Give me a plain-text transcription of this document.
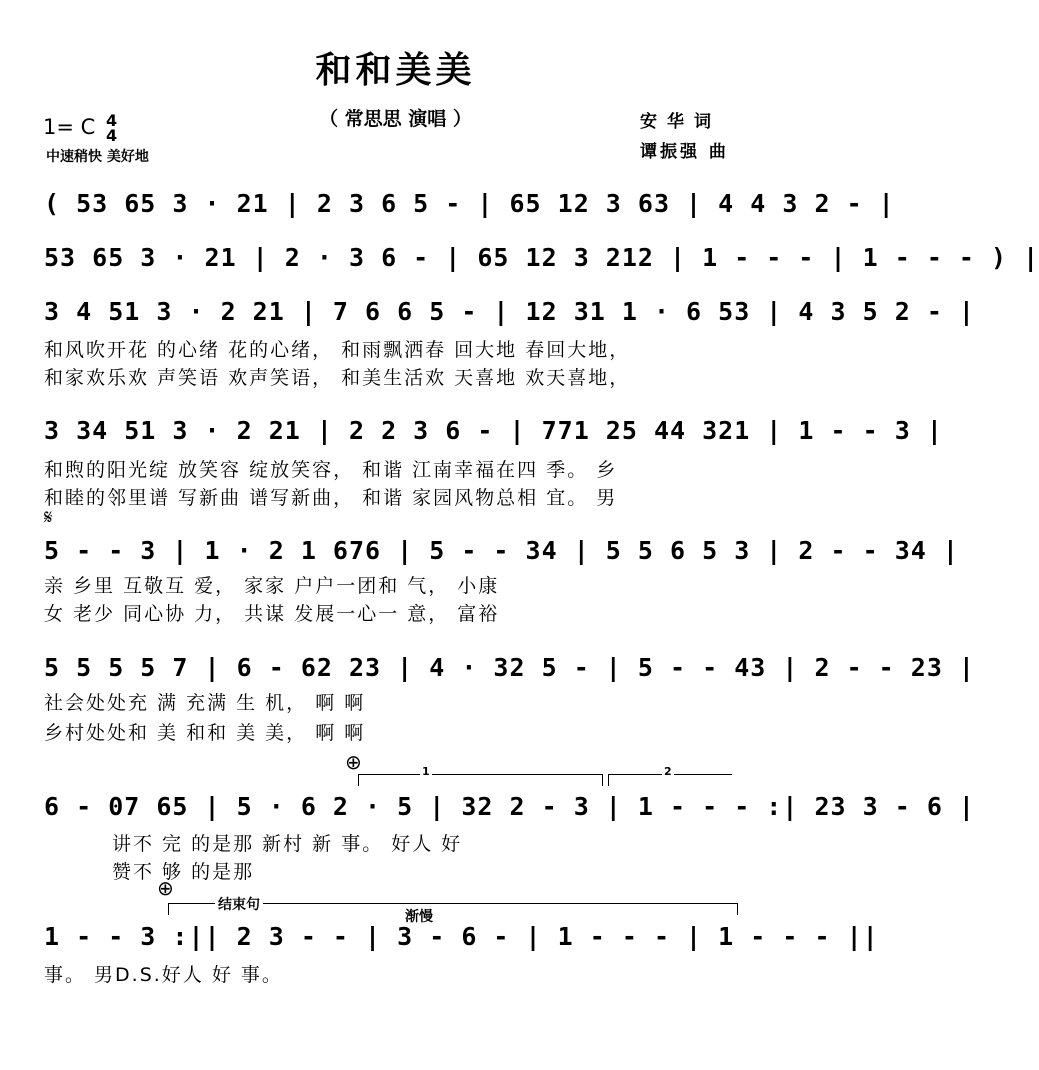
和和美美
（ 常思思 演唱 ）
1= C 4
4
中速稍快 美好地
安华词
谭振强 曲
( 53 65 3 · 21 | 2 3 6 5 - | 65 12 3 63 | 4 4 3 2 - |
53 65 3 · 21 | 2 · 3 6 - | 65 12 3 212 | 1 - - - | 1 - - - ) |
3 4 51 3 · 2 21 | 7 6 6 5 - | 12 31 1 · 6 53 | 4 3 5 2 - |
和风吹开花 的心绪 花的心绪， 和雨飘洒春 回大地 春回大地，
和家欢乐欢 声笑语 欢声笑语， 和美生活欢 天喜地 欢天喜地，
3 34 51 3 · 2 21 | 2 2 3 6 - | 771 25 44 321 | 1 - - 3 |
和煦的阳光绽 放笑容 绽放笑容， 和谐 江南幸福在四 季。 乡
和睦的邻里谱 写新曲 谱写新曲， 和谐 家园风物总相 宜。 男
𝄋
5 - - 3 | 1 · 2 1 676 | 5 - - 34 | 5 5 6 5 3 | 2 - - 34 |
亲 乡里 互敬互 爱， 家家 户户一团和 气， 小康
女 老少 同心协 力， 共谋 发展一心一 意， 富裕
5 5 5 5 7 | 6 - 62 23 | 4 · 32 5 - | 5 - - 43 | 2 - - 23 |
社会处处充 满 充满 生 机， 啊 啊
乡村处处和 美 和和 美 美， 啊 啊
⊕	1	2
6 - 07 65 | 5 · 6 2 · 5 | 32 2 - 3 | 1 - - - :| 23 3 - 6 |
讲不 完 的是那 新村 新 事。 好人 好
赞不 够 的是那
⊕
结束句
渐慢
1 - - 3 :|| 2 3 - - | 3 - 6 - | 1 - - - | 1 - - - ||
事。 男D.S.好人 好 事。
